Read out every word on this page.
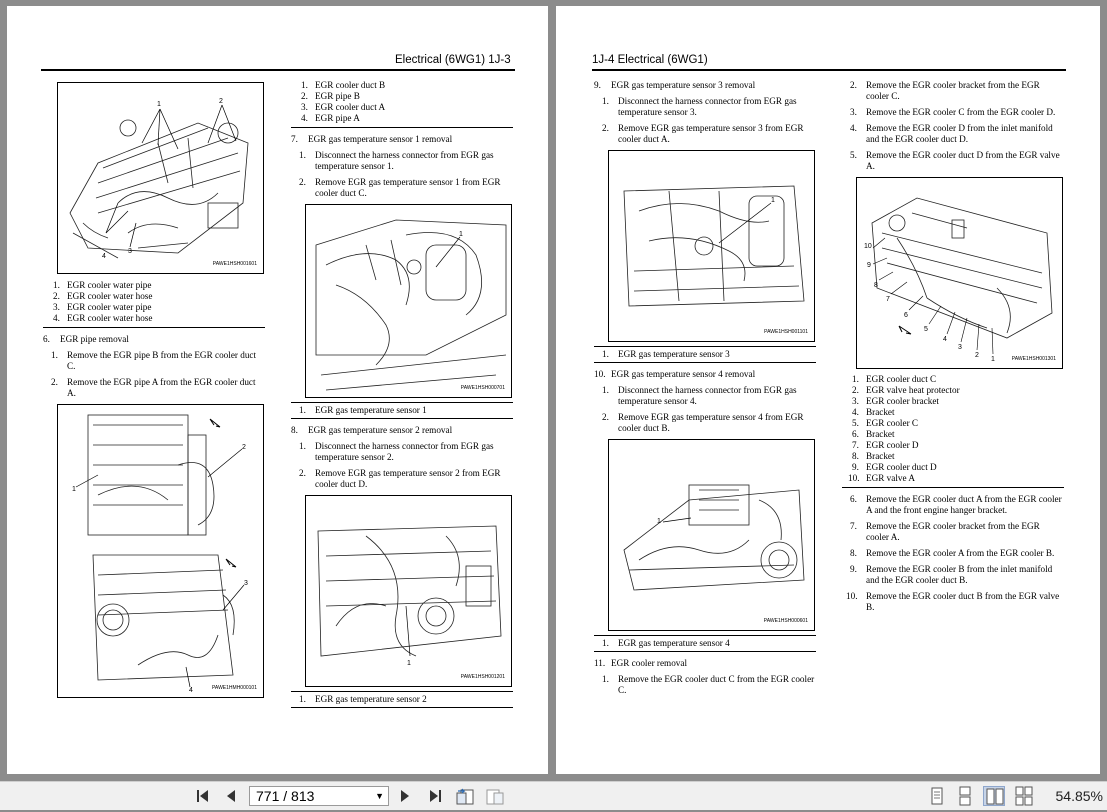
Electrical (6WG1) 1J-3
1	2
3
4
PAWE1HSH001601
1. EGR cooler water pipe
2. EGR cooler water hose
3. EGR cooler water pipe
4. EGR cooler water hose
6. EGR pipe removal
1. Remove the EGR pipe B from the EGR cooler duct C.
2. Remove the EGR pipe A from the EGR cooler duct A.
1
2
3
4	PAWE1HMH000101
1. EGR cooler duct B
2. EGR pipe B
3. EGR cooler duct A
4. EGR pipe A
7. EGR gas temperature sensor 1 removal
1. Disconnect the harness connector from EGR gas temperature sensor 1.
2. Remove EGR gas temperature sensor 1 from EGR cooler duct C.
1
PAWE1HSH000701
1. EGR gas temperature sensor 1
8. EGR gas temperature sensor 2 removal
1. Disconnect the harness connector from EGR gas temperature sensor 2.
2. Remove EGR gas temperature sensor 2 from EGR cooler duct D.
1
PAWE1HSH001201
1. EGR gas temperature sensor 2
1J-4 Electrical (6WG1)
9. EGR gas temperature sensor 3 removal
1. Disconnect the harness connector from EGR gas temperature sensor 3.
2. Remove EGR gas temperature sensor 3 from EGR cooler duct A.
1
PAWE1HSH001101
1. EGR gas temperature sensor 3
10. EGR gas temperature sensor 4 removal
1. Disconnect the harness connector from EGR gas temperature sensor 4.
2. Remove EGR gas temperature sensor 4 from EGR cooler duct B.
1
PAWE1HSH000601
1. EGR gas temperature sensor 4
11. EGR cooler removal
1. Remove the EGR cooler duct C from the EGR cooler C.
2. Remove the EGR cooler bracket from the EGR cooler C.
3. Remove the EGR cooler C from the EGR cooler D.
4. Remove the EGR cooler D from the inlet manifold and the EGR cooler duct D.
5. Remove the EGR cooler duct D from the EGR valve A.
1
2
3
4
5
6
7
8
9
10
PAWE1HSH001301
1. EGR cooler duct C
2. EGR valve heat protector
3. EGR cooler bracket
4. Bracket
5. EGR cooler C
6. Bracket
7. EGR cooler D
8. Bracket
9. EGR cooler duct D
10. EGR valve A
6. Remove the EGR cooler duct A from the EGR cooler A and the front engine hanger bracket.
7. Remove the EGR cooler bracket from the EGR cooler A.
8. Remove the EGR cooler A from the EGR cooler B.
9. Remove the EGR cooler B from the inlet manifold and the EGR cooler duct B.
10. Remove the EGR cooler duct B from the EGR valve B.
771 / 813	▼	54.85%
